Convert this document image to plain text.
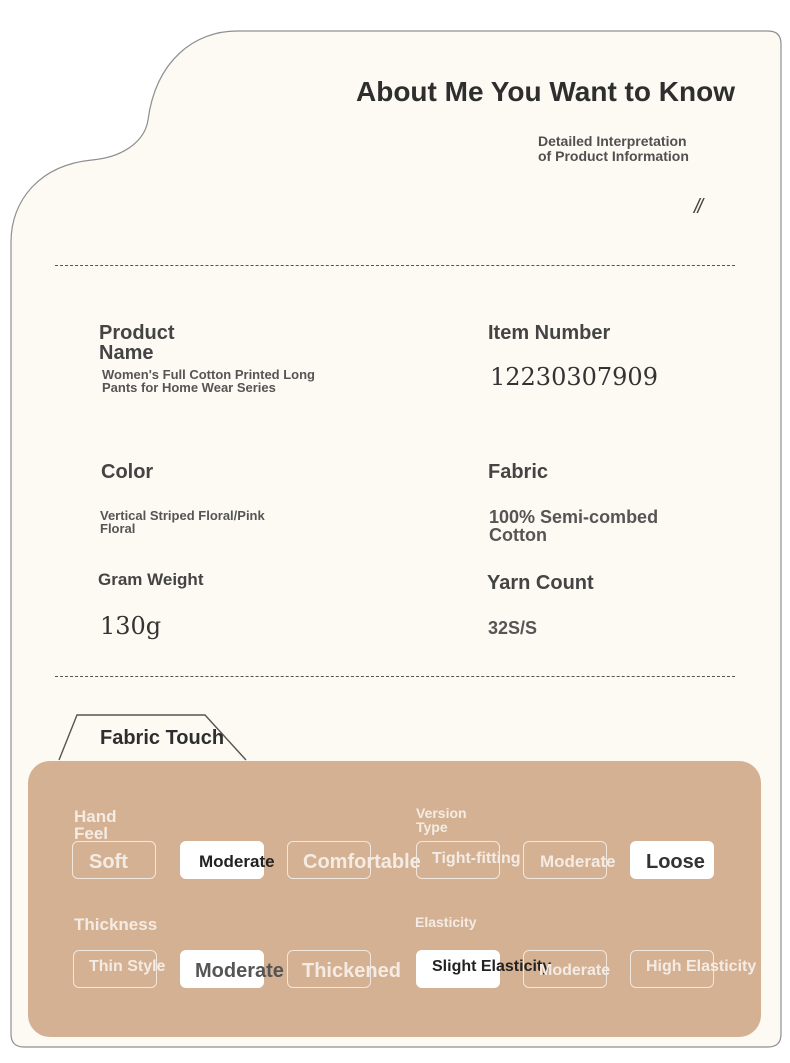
About Me You Want to Know
Detailed Interpretation
of Product Information
//
Product
Name
Women's Full Cotton Printed Long
Pants for Home Wear Series
Item Number
12230307909
Color
Vertical Striped Floral/Pink
Floral
Fabric
100% Semi-combed
Cotton
Gram Weight
130g
Yarn Count
32S/S
Fabric Touch
Hand
Feel
Soft	Moderate Comfortable
Version
Type
Tight-fitting Moderate Loose
Thickness
Thin Style Moderate Thickened
Elasticity
Slight Elasticity
Moderate High Elasticity
